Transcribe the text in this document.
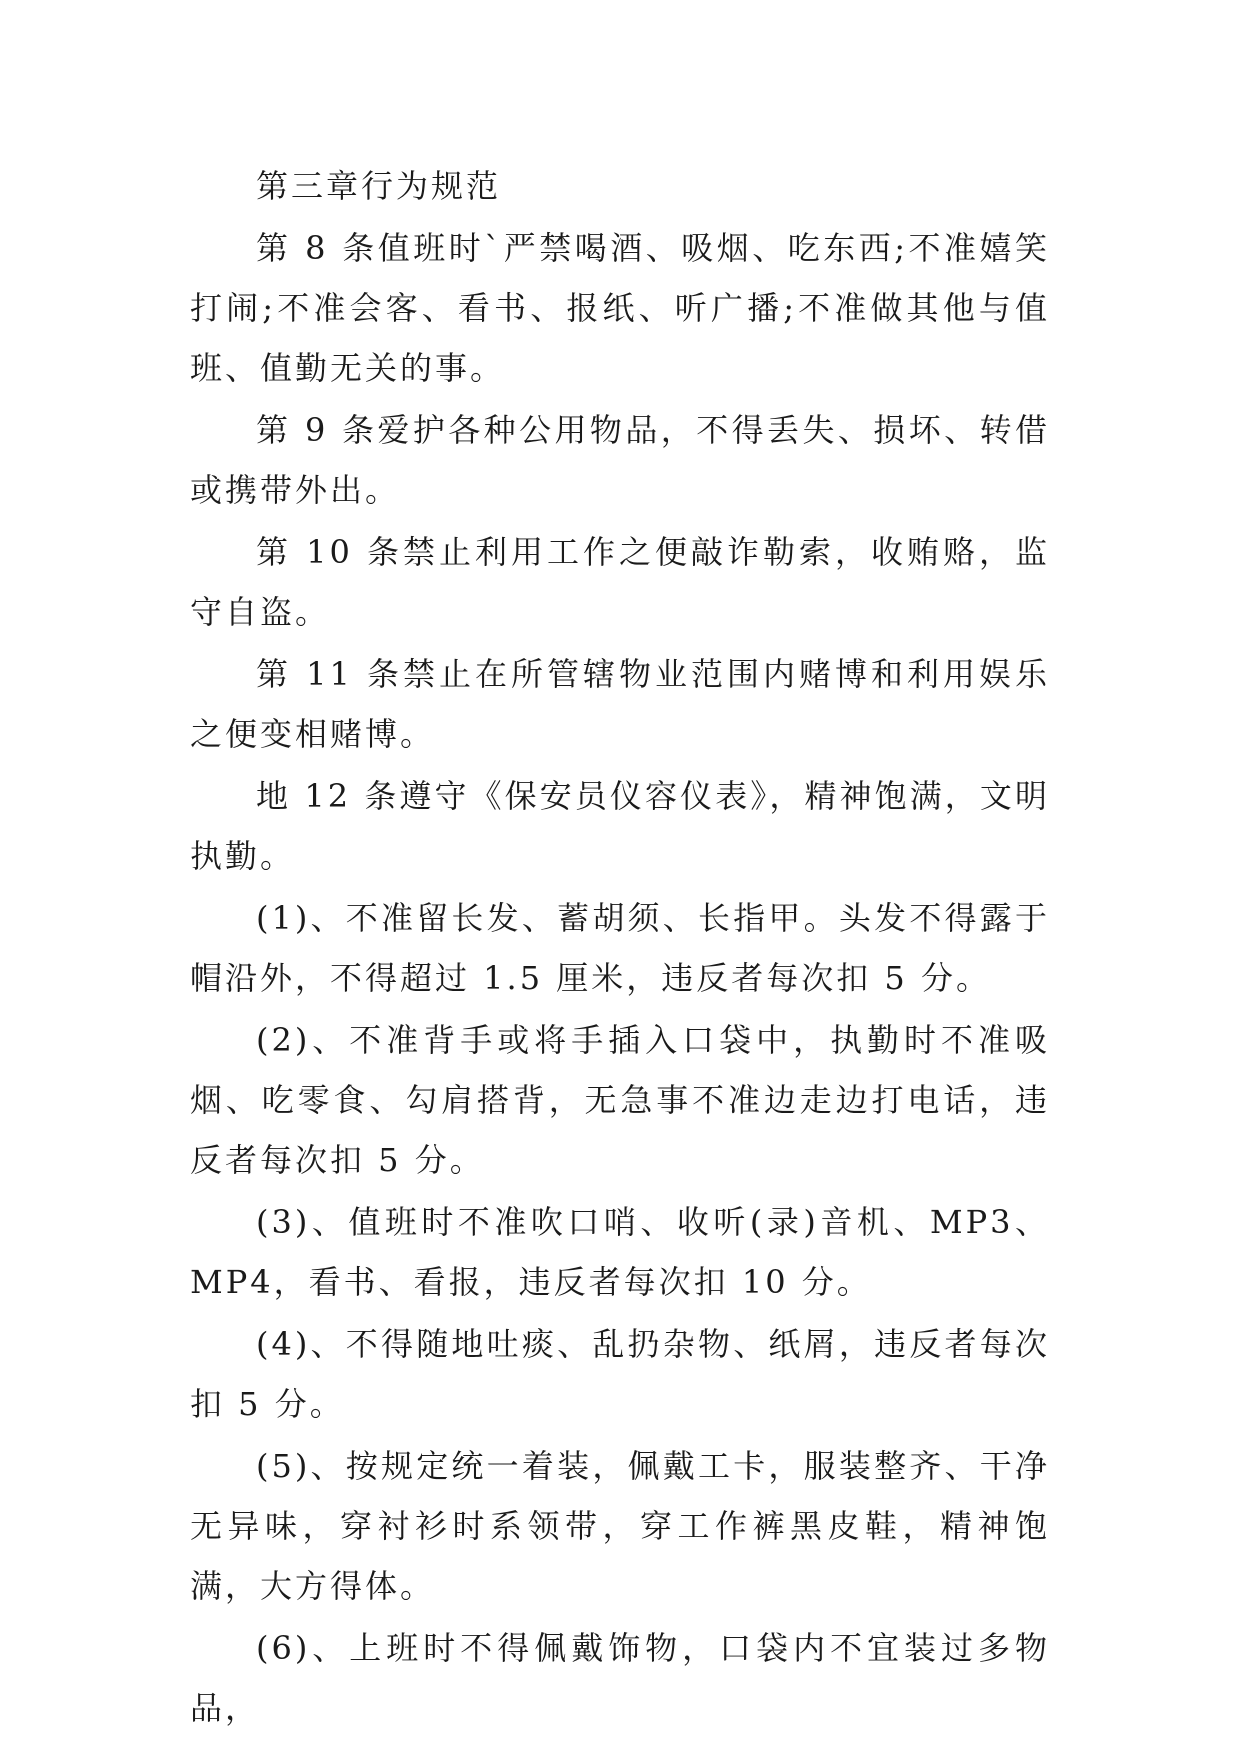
第三章行为规范

第 8 条值班时`严禁喝酒、吸烟、吃东西;不准嬉笑打闹;不准会客、看书、报纸、听广播;不准做其他与值班、值勤无关的事。

第 9 条爱护各种公用物品，不得丢失、损坏、转借或携带外出。

第 10 条禁止利用工作之便敲诈勒索，收贿赂，监守自盗。

第 11 条禁止在所管辖物业范围内赌博和利用娱乐之便变相赌博。

地 12 条遵守《保安员仪容仪表》，精神饱满，文明执勤。

(1)、不准留长发、蓄胡须、长指甲。头发不得露于帽沿外，不得超过 1.5 厘米，违反者每次扣 5 分。

(2)、不准背手或将手插入口袋中，执勤时不准吸烟、吃零食、勾肩搭背，无急事不准边走边打电话，违反者每次扣 5 分。

(3)、值班时不准吹口哨、收听(录)音机、MP3、MP4，看书、看报，违反者每次扣 10 分。

(4)、不得随地吐痰、乱扔杂物、纸屑，违反者每次扣 5 分。

(5)、按规定统一着装，佩戴工卡，服装整齐、干净无异味，穿衬衫时系领带，穿工作裤黑皮鞋，精神饱满，大方得体。

(6)、上班时不得佩戴饰物，口袋内不宜装过多物品，
